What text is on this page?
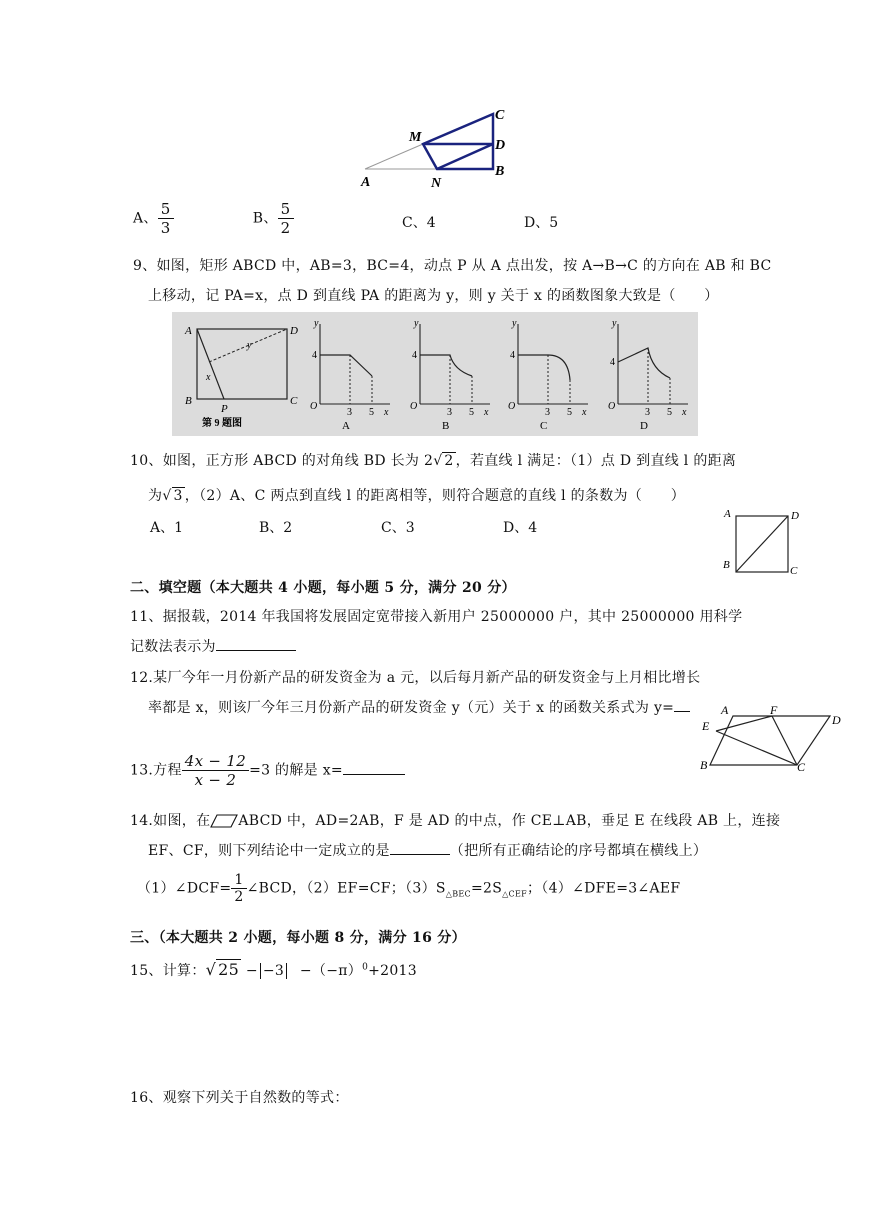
C
M
D
B
A	N
A、 $\frac{5}{3}$	B、 $\frac{5}{2}$	C、4	D、5
9、如图，矩形 ABCD 中，AB=3，BC=4，动点 P 从 A 点出发，按 A→B→C 的方向在 AB 和 BC
上移动，记 PA=x，点 D 到直线 PA 的距离为 y，则 y 关于 x 的函数图象大致是（　　）
A	D
B	C
P
x
y
第 9 题图
4
O
3 5 x
y
A
4
O
3 5 x
y
B
4
O
3 5 x
y
C
4
O
3 5 x
y
D
10、如图，正方形 ABCD 的对角线 BD 长为 2√ 2 ，若直线 l 满足：（1）点 D 到直线 l 的距离
为√ 3 ，（2）A、C 两点到直线 l 的距离相等，则符合题意的直线 l 的条数为（　　）
A、1	B、2	C、3	D、4
A	D
B	C
二、填空题（本大题共 4 小题，每小题 5 分，满分 20 分）
11、据报载，2014 年我国将发展固定宽带接入新用户 25000000 户，其中 25000000 用科学
记数法表示为
12.某厂今年一月份新产品的研发资金为 a 元，以后每月新产品的研发资金与上月相比增长
率都是 x，则该厂今年三月份新产品的研发资金 y（元）关于 x 的函数关系式为 y=
E
A	F
D
B	C
13.方程 $\frac{4x - 12}{x - 2} =3$ 的解是 x=
14.如图，在 ABCD 中，AD=2AB，F 是 AD 的中点，作 CE⊥AB，垂足 E 在线段 AB 上，连接
EF、CF，则下列结论中一定成立的是	（把所有正确结论的序号都填在横线上）
（1）∠DCF= $\frac{1}{2}$ ∠BCD，（2）EF=CF；$(3)S_{\triangle BEC}=2S_{\triangle CEF}$；（4）∠DFE=3∠AEF
三、（本大题共 2 小题，每小题 8 分，满分 16 分）
15、计算：√ $25 - -3 -(-\pi)^0+2013$
16、观察下列关于自然数的等式：
